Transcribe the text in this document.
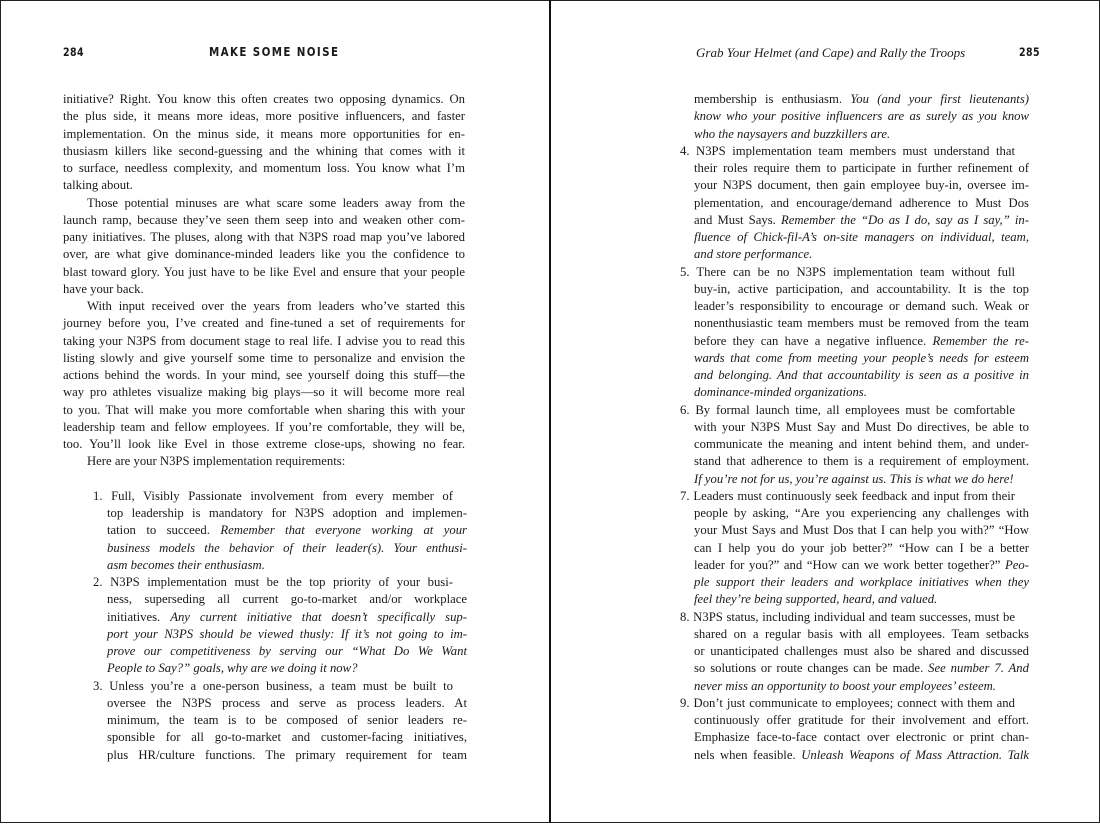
284	MAKE SOME NOISE
initiative? Right. You know this often creates two opposing dynamics. On
the plus side, it means more ideas, more positive influencers, and faster
implementation. On the minus side, it means more opportunities for en-
thusiasm killers like second-guessing and the whining that comes with it
to surface, needless complexity, and momentum loss. You know what I’m
talking about.
Those potential minuses are what scare some leaders away from the
launch ramp, because they’ve seen them seep into and weaken other com-
pany initiatives. The pluses, along with that N3PS road map you’ve labored
over, are what give dominance-minded leaders like you the confidence to
blast toward glory. You just have to be like Evel and ensure that your people
have your back.
With input received over the years from leaders who’ve started this
journey before you, I’ve created and fine-tuned a set of requirements for
taking your N3PS from document stage to real life. I advise you to read this
listing slowly and give yourself some time to personalize and envision the
actions behind the words. In your mind, see yourself doing this stuff—the
way pro athletes visualize making big plays—so it will become more real
to you. That will make you more comfortable when sharing this with your
leadership team and fellow employees. If you’re comfortable, they will be,
too. You’ll look like Evel in those extreme close-ups, showing no fear.
Here are your N3PS implementation requirements:
1. Full, Visibly Passionate involvement from every member of
top leadership is mandatory for N3PS adoption and implemen-
tation to succeed. Remember that everyone working at your
business models the behavior of their leader(s). Your enthusi-
asm becomes their enthusiasm.
2. N3PS implementation must be the top priority of your busi-
ness, superseding all current go-to-market and/or workplace
initiatives. Any current initiative that doesn’t specifically sup-
port your N3PS should be viewed thusly: If it’s not going to im-
prove our competitiveness by serving our “What Do We Want
People to Say?” goals, why are we doing it now?
3. Unless you’re a one-person business, a team must be built to
oversee the N3PS process and serve as process leaders. At
minimum, the team is to be composed of senior leaders re-
sponsible for all go-to-market and customer-facing initiatives,
plus HR/culture functions. The primary requirement for team
Grab Your Helmet (and Cape) and Rally the Troops	285
membership is enthusiasm. You (and your first lieutenants)
know who your positive influencers are as surely as you know
who the naysayers and buzzkillers are.
4. N3PS implementation team members must understand that
their roles require them to participate in further refinement of
your N3PS document, then gain employee buy-in, oversee im-
plementation, and encourage/demand adherence to Must Dos
and Must Says. Remember the “Do as I do, say as I say,” in-
fluence of Chick-fil-A’s on-site managers on individual, team,
and store performance.
5. There can be no N3PS implementation team without full
buy-in, active participation, and accountability. It is the top
leader’s responsibility to encourage or demand such. Weak or
nonenthusiastic team members must be removed from the team
before they can have a negative influence. Remember the re-
wards that come from meeting your people’s needs for esteem
and belonging. And that accountability is seen as a positive in
dominance-minded organizations.
6. By formal launch time, all employees must be comfortable
with your N3PS Must Say and Must Do directives, be able to
communicate the meaning and intent behind them, and under-
stand that adherence to them is a requirement of employment.
If you’re not for us, you’re against us. This is what we do here!
7. Leaders must continuously seek feedback and input from their
people by asking, “Are you experiencing any challenges with
your Must Says and Must Dos that I can help you with?” “How
can I help you do your job better?” “How can I be a better
leader for you?” and “How can we work better together?” Peo-
ple support their leaders and workplace initiatives when they
feel they’re being supported, heard, and valued.
8. N3PS status, including individual and team successes, must be
shared on a regular basis with all employees. Team setbacks
or unanticipated challenges must also be shared and discussed
so solutions or route changes can be made. See number 7. And
never miss an opportunity to boost your employees’ esteem.
9. Don’t just communicate to employees; connect with them and
continuously offer gratitude for their involvement and effort.
Emphasize face-to-face contact over electronic or print chan-
nels when feasible. Unleash Weapons of Mass Attraction. Talk
